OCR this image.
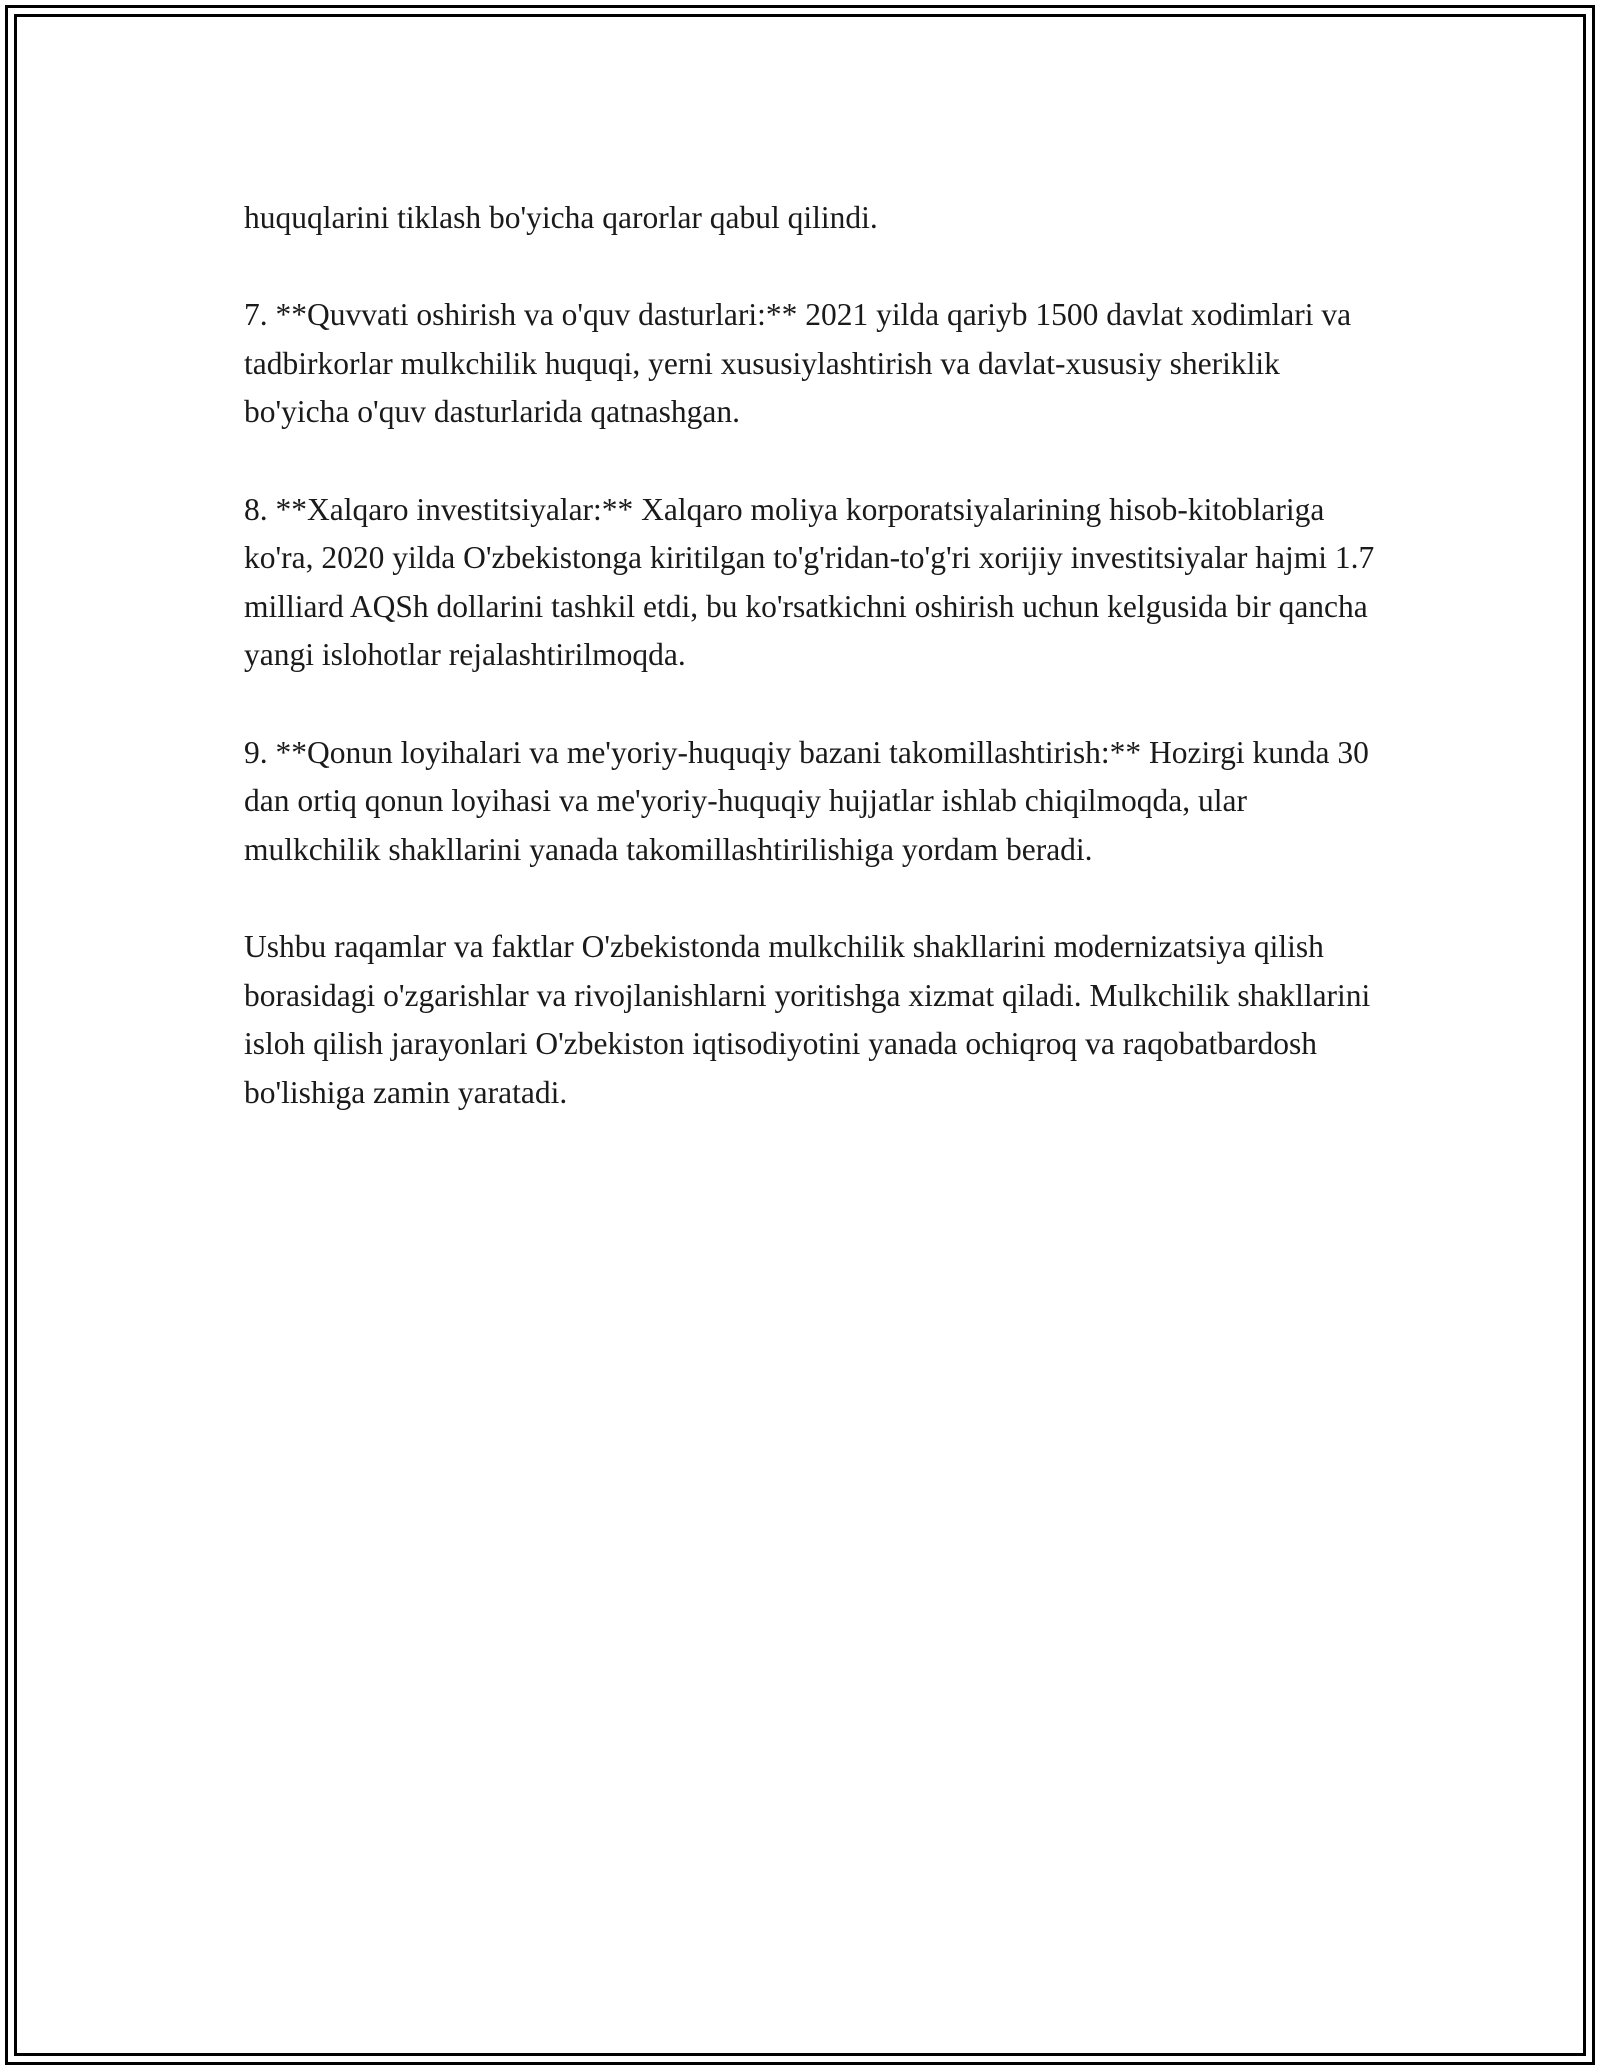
huquqlarini tiklash bo'yicha qarorlar qabul qilindi.

7. **Quvvati oshirish va o'quv dasturlari:** 2021 yilda qariyb 1500 davlat xodimlari va tadbirkorlar mulkchilik huquqi, yerni xususiylashtirish va davlat-xususiy sheriklik bo'yicha o'quv dasturlarida qatnashgan.

8. **Xalqaro investitsiyalar:** Xalqaro moliya korporatsiyalarining hisob-kitoblariga ko'ra, 2020 yilda O'zbekistonga kiritilgan to'g'ridan-to'g'ri xorijiy investitsiyalar hajmi 1.7 milliard AQSh dollarini tashkil etdi, bu ko'rsatkichni oshirish uchun kelgusida bir qancha yangi islohotlar rejalashtirilmoqda.

9. **Qonun loyihalari va me'yoriy-huquqiy bazani takomillashtirish:** Hozirgi kunda 30 dan ortiq qonun loyihasi va me'yoriy-huquqiy hujjatlar ishlab chiqilmoqda, ular mulkchilik shakllarini yanada takomillashtirilishiga yordam beradi.

Ushbu raqamlar va faktlar O'zbekistonda mulkchilik shakllarini modernizatsiya qilish borasidagi o'zgarishlar va rivojlanishlarni yoritishga xizmat qiladi. Mulkchilik shakllarini isloh qilish jarayonlari O'zbekiston iqtisodiyotini yanada ochiqroq va raqobatbardosh bo'lishiga zamin yaratadi.
